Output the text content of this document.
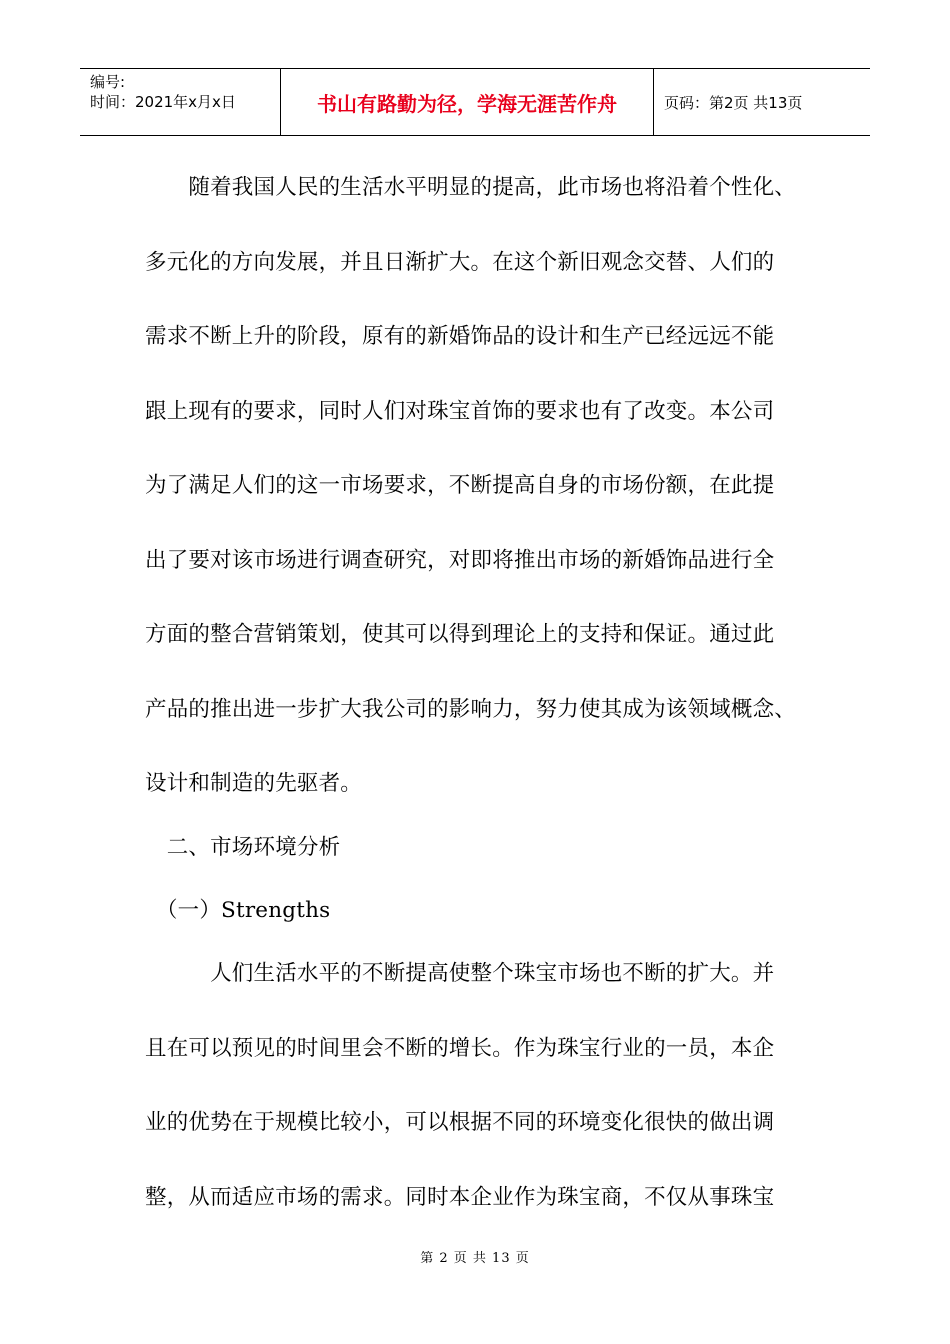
编号:
时间：2021年x月x日	书山有路勤为径，学海无涯苦作舟	页码：第2页 共13页
　　随着我国人民的生活水平明显的提高，此市场也将沿着个性化、
多元化的方向发展，并且日渐扩大。在这个新旧观念交替、人们的
需求不断上升的阶段，原有的新婚饰品的设计和生产已经远远不能
跟上现有的要求，同时人们对珠宝首饰的要求也有了改变。本公司
为了满足人们的这一市场要求，不断提高自身的市场份额，在此提
出了要对该市场进行调查研究，对即将推出市场的新婚饰品进行全
方面的整合营销策划，使其可以得到理论上的支持和保证。通过此
产品的推出进一步扩大我公司的影响力，努力使其成为该领域概念、
设计和制造的先驱者。
　二、市场环境分析
　（一）Strengths
　　　人们生活水平的不断提高使整个珠宝市场也不断的扩大。并
且在可以预见的时间里会不断的增长。作为珠宝行业的一员，本企
业的优势在于规模比较小，可以根据不同的环境变化很快的做出调
整，从而适应市场的需求。同时本企业作为珠宝商，不仅从事珠宝
第 2 页 共 13 页
